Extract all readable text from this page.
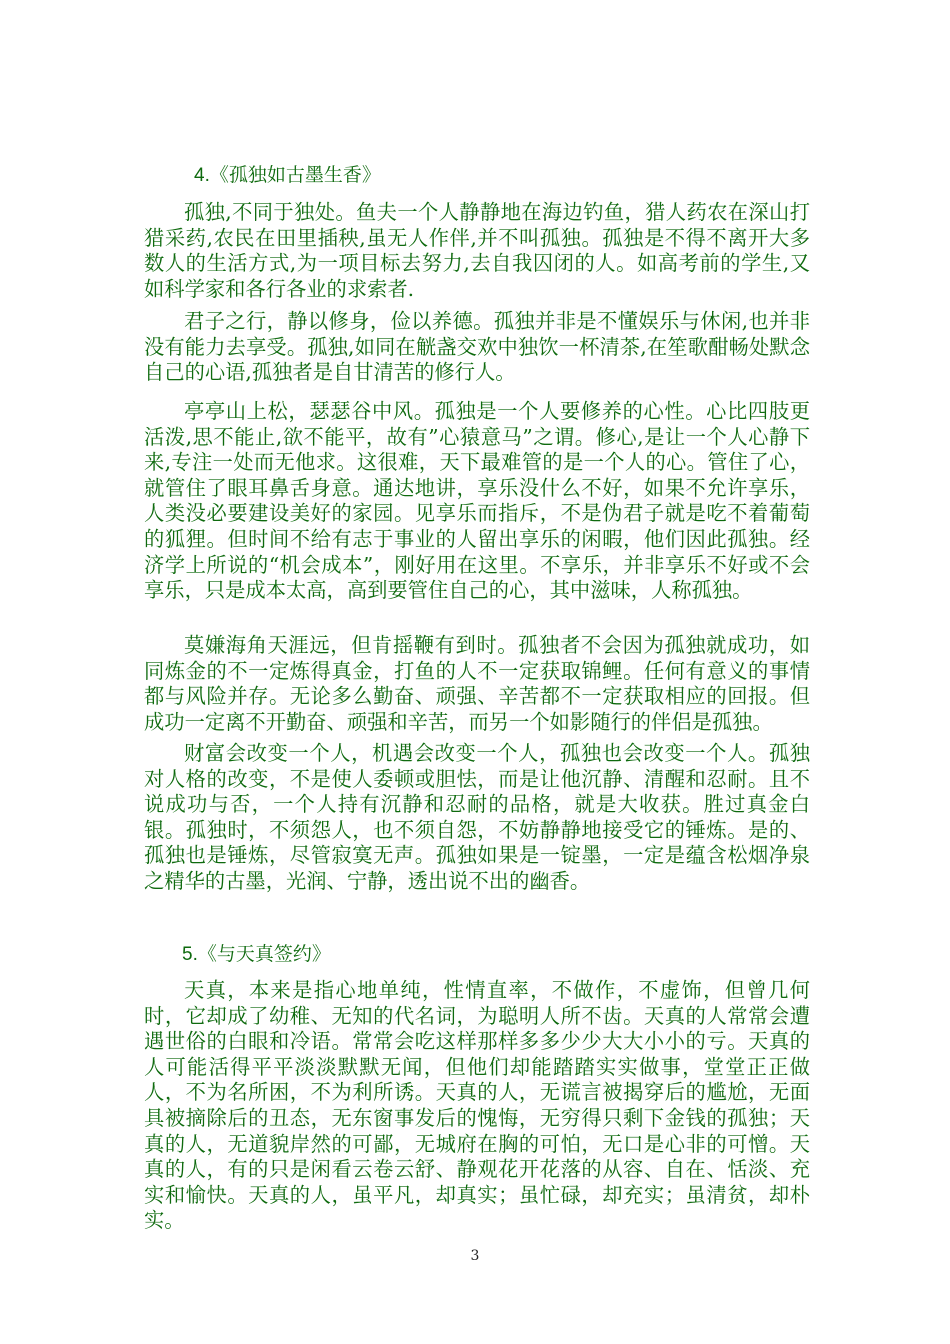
4.《孤独如古墨生香》

孤独,不同于独处。鱼夫一个人静静地在海边钓鱼，猎人药农在深山打猎采药,农民在田里插秧,虽无人作伴,并不叫孤独。孤独是不得不离开大多数人的生活方式,为一项目标去努力,去自我囚闭的人。如高考前的学生,又如科学家和各行各业的求索者.

君子之行，静以修身，俭以养德。孤独并非是不懂娱乐与休闲,也并非没有能力去享受。孤独,如同在觥盏交欢中独饮一杯清茶,在笙歌酣畅处默念自己的心语,孤独者是自甘清苦的修行人。

亭亭山上松，瑟瑟谷中风。孤独是一个人要修养的心性。心比四肢更活泼,思不能止,欲不能平，故有”心猿意马”之谓。修心,是让一个人心静下来,专注一处而无他求。这很难，天下最难管的是一个人的心。管住了心，就管住了眼耳鼻舌身意。通达地讲，享乐没什么不好，如果不允许享乐，人类没必要建设美好的家园。见享乐而指斥，不是伪君子就是吃不着葡萄的狐狸。但时间不给有志于事业的人留出享乐的闲暇，他们因此孤独。经济学上所说的“机会成本”，刚好用在这里。不享乐，并非享乐不好或不会享乐，只是成本太高，高到要管住自己的心，其中滋味，人称孤独。

莫嫌海角天涯远，但肯摇鞭有到时。孤独者不会因为孤独就成功，如同炼金的不一定炼得真金，打鱼的人不一定获取锦鲤。任何有意义的事情都与风险并存。无论多么勤奋、顽强、辛苦都不一定获取相应的回报。但成功一定离不开勤奋、顽强和辛苦，而另一个如影随行的伴侣是孤独。

财富会改变一个人，机遇会改变一个人，孤独也会改变一个人。孤独对人格的改变，不是使人委顿或胆怯，而是让他沉静、清醒和忍耐。且不说成功与否，一个人持有沉静和忍耐的品格，就是大收获。胜过真金白银。孤独时，不须怨人，也不须自怨，不妨静静地接受它的锤炼。是的、孤独也是锤炼，尽管寂寞无声。孤独如果是一锭墨，一定是蕴含松烟净泉之精华的古墨，光润、宁静，透出说不出的幽香。

5.《与天真签约》

天真，本来是指心地单纯，性情直率，不做作，不虚饰，但曾几何时，它却成了幼稚、无知的代名词，为聪明人所不齿。天真的人常常会遭遇世俗的白眼和冷语。常常会吃这样那样多多少少大大小小的亏。天真的人可能活得平平淡淡默默无闻，但他们却能踏踏实实做事，堂堂正正做人，不为名所困，不为利所诱。天真的人，无谎言被揭穿后的尴尬，无面具被摘除后的丑态，无东窗事发后的愧悔，无穷得只剩下金钱的孤独；天真的人，无道貌岸然的可鄙，无城府在胸的可怕，无口是心非的可憎。天真的人，有的只是闲看云卷云舒、静观花开花落的从容、自在、恬淡、充实和愉快。天真的人，虽平凡，却真实；虽忙碌，却充实；虽清贫，却朴实。

3
